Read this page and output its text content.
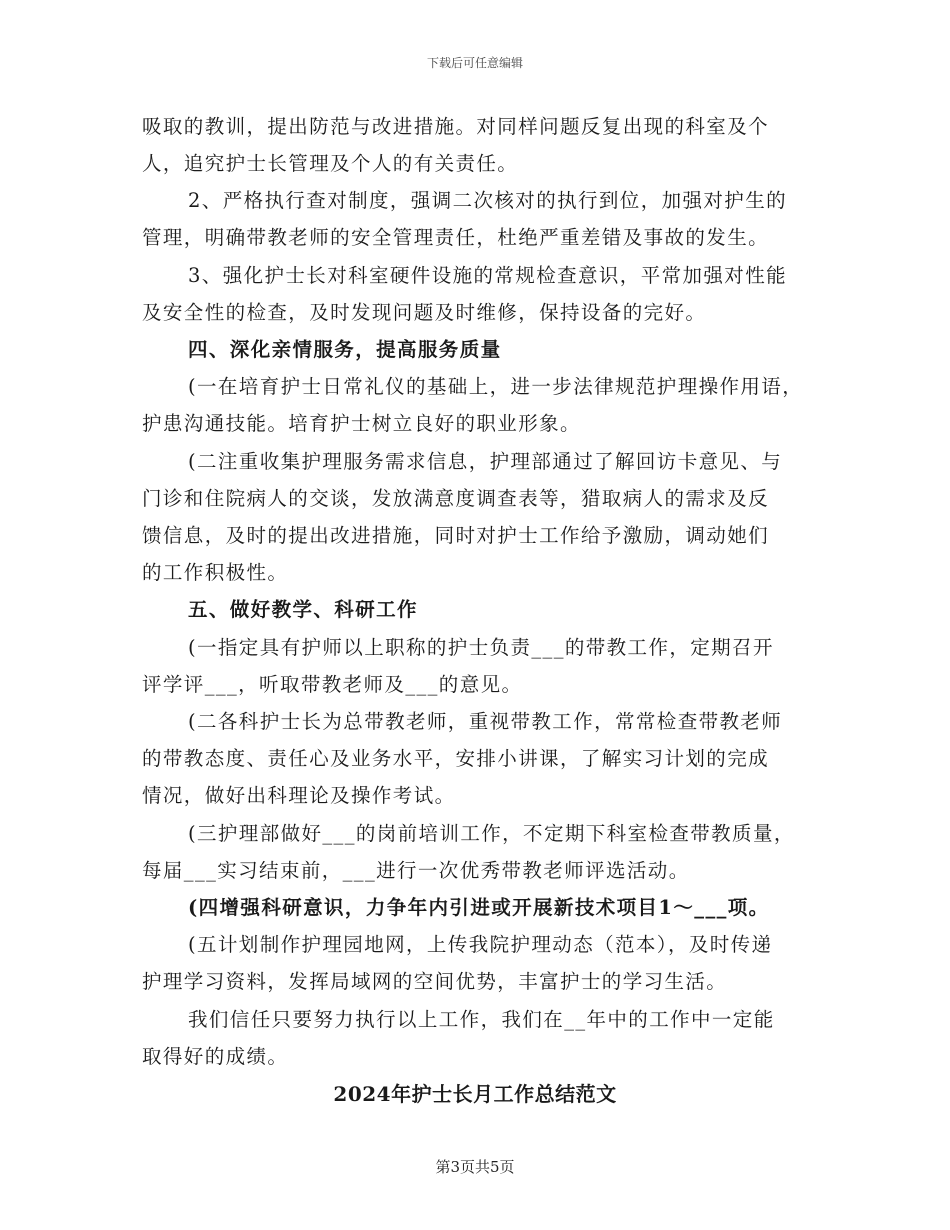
下载后可任意编辑
吸取的教训，提出防范与改进措施。对同样问题反复出现的科室及个
人，追究护士长管理及个人的有关责任。
2、严格执行查对制度，强调二次核对的执行到位，加强对护生的
管理，明确带教老师的安全管理责任，杜绝严重差错及事故的发生。
3、强化护士长对科室硬件设施的常规检查意识，平常加强对性能
及安全性的检查，及时发现问题及时维修，保持设备的完好。
四、深化亲情服务，提高服务质量
(一在培育护士日常礼仪的基础上，进一步法律规范护理操作用语，
护患沟通技能。培育护士树立良好的职业形象。
(二注重收集护理服务需求信息，护理部通过了解回访卡意见、与
门诊和住院病人的交谈，发放满意度调查表等，猎取病人的需求及反
馈信息，及时的提出改进措施，同时对护士工作给予激励，调动她们
的工作积极性。
五、做好教学、科研工作
(一指定具有护师以上职称的护士负责___的带教工作，定期召开
评学评___，听取带教老师及___的意见。
(二各科护士长为总带教老师，重视带教工作，常常检查带教老师
的带教态度、责任心及业务水平，安排小讲课，了解实习计划的完成
情况，做好出科理论及操作考试。
(三护理部做好___的岗前培训工作，不定期下科室检查带教质量，
每届___实习结束前，___进行一次优秀带教老师评选活动。
(四增强科研意识，力争年内引进或开展新技术项目1～___项。
(五计划制作护理园地网，上传我院护理动态（范本），及时传递
护理学习资料，发挥局域网的空间优势，丰富护士的学习生活。
我们信任只要努力执行以上工作，我们在__年中的工作中一定能
取得好的成绩。
2024年护士长月工作总结范文
第3页共5页
